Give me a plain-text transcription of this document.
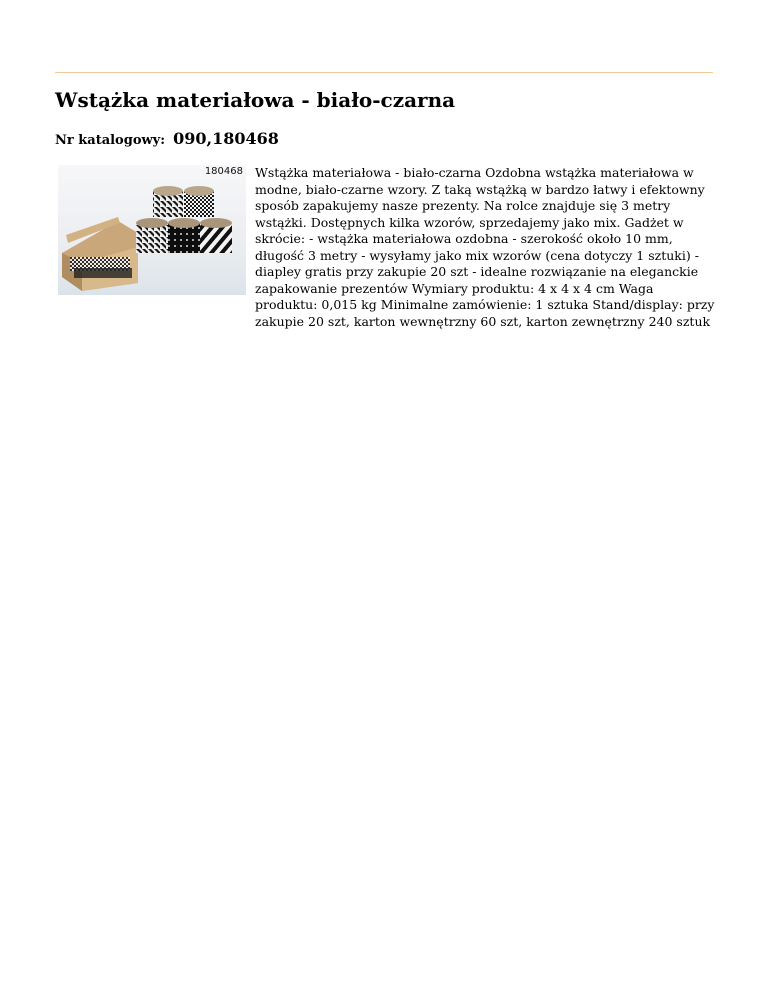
Wstążka materiałowa - biało-czarna
Nr katalogowy: 090,180468
180468 Wstążka materiałowa - biało-czarna Ozdobna wstążka materiałowa w modne, biało-czarne wzory. Z taką wstążką w bardzo łatwy i efektowny sposób zapakujemy nasze prezenty. Na rolce znajduje się 3 metry wstążki. Dostępnych kilka wzorów, sprzedajemy jako mix. Gadżet w skrócie: - wstążka materiałowa ozdobna - szerokość około 10 mm, długość 3 metry - wysyłamy jako mix wzorów (cena dotyczy 1 sztuki) - diapley gratis przy zakupie 20 szt - idealne rozwiązanie na eleganckie zapakowanie prezentów Wymiary produktu: 4 x 4 x 4 cm Waga produktu: 0,015 kg Minimalne zamówienie: 1 sztuka Stand/display: przy zakupie 20 szt, karton wewnętrzny 60 szt, karton zewnętrzny 240 sztuk
